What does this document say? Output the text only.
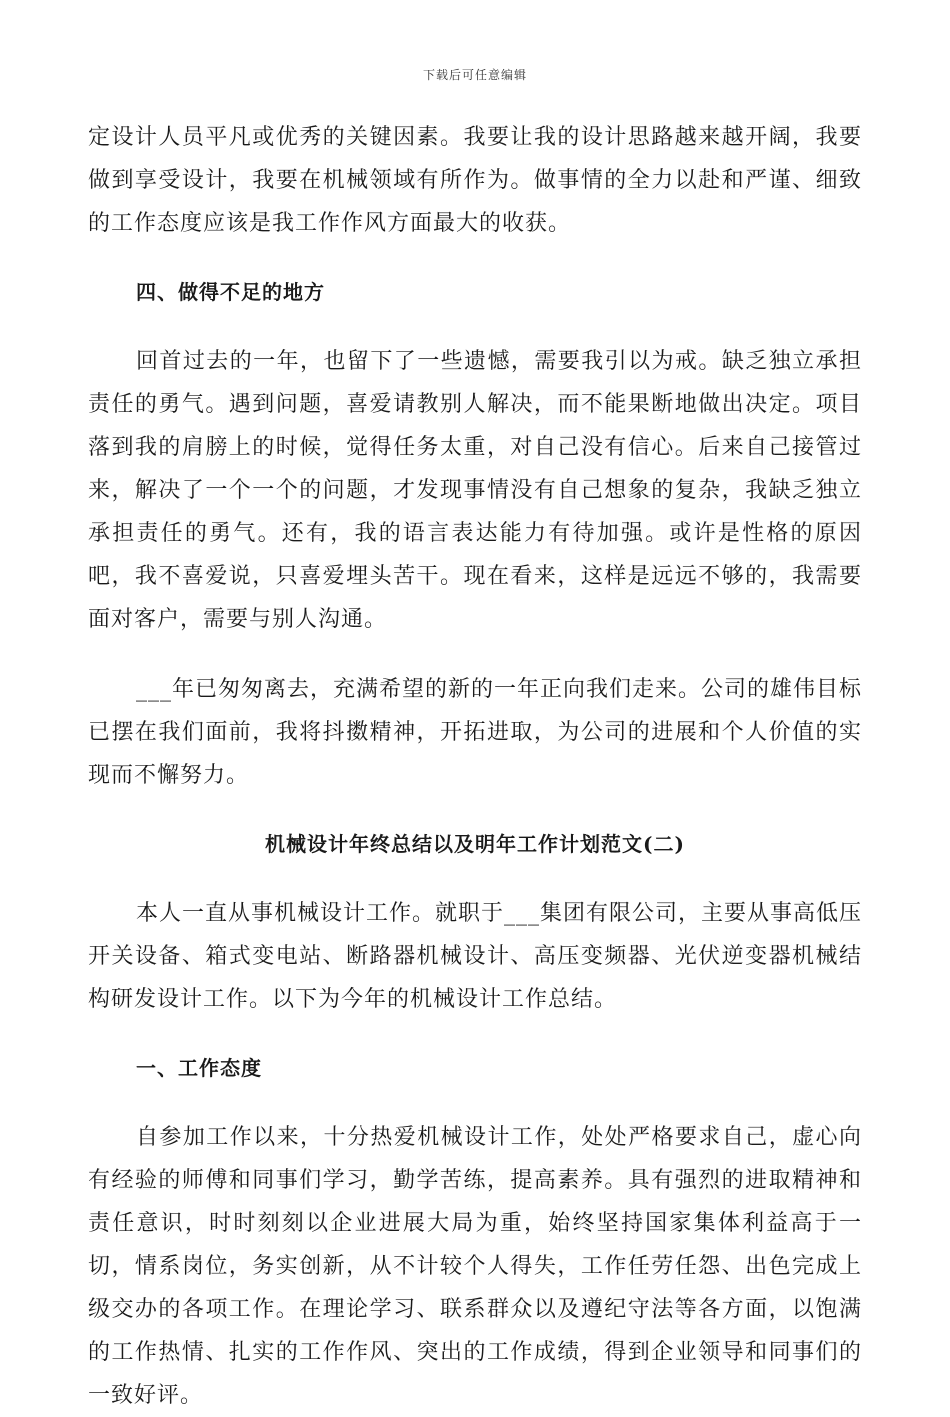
下载后可任意编辑

定设计人员平凡或优秀的关键因素。我要让我的设计思路越来越开阔，我要做到享受设计，我要在机械领域有所作为。做事情的全力以赴和严谨、细致的工作态度应该是我工作作风方面最大的收获。

四、做得不足的地方

回首过去的一年，也留下了一些遗憾，需要我引以为戒。缺乏独立承担责任的勇气。遇到问题，喜爱请教别人解决，而不能果断地做出决定。项目落到我的肩膀上的时候，觉得任务太重，对自己没有信心。后来自己接管过来，解决了一个一个的问题，才发现事情没有自己想象的复杂，我缺乏独立承担责任的勇气。还有，我的语言表达能力有待加强。或许是性格的原因吧，我不喜爱说，只喜爱埋头苦干。现在看来，这样是远远不够的，我需要面对客户，需要与别人沟通。

___年已匆匆离去，充满希望的新的一年正向我们走来。公司的雄伟目标已摆在我们面前，我将抖擞精神，开拓进取，为公司的进展和个人价值的实现而不懈努力。

机械设计年终总结以及明年工作计划范文(二)

本人一直从事机械设计工作。就职于___集团有限公司，主要从事高低压开关设备、箱式变电站、断路器机械设计、高压变频器、光伏逆变器机械结构研发设计工作。以下为今年的机械设计工作总结。

一、工作态度

自参加工作以来，十分热爱机械设计工作，处处严格要求自己，虚心向有经验的师傅和同事们学习，勤学苦练，提高素养。具有强烈的进取精神和责任意识，时时刻刻以企业进展大局为重，始终坚持国家集体利益高于一切，情系岗位，务实创新，从不计较个人得失，工作任劳任怨、出色完成上级交办的各项工作。在理论学习、联系群众以及遵纪守法等各方面，以饱满的工作热情、扎实的工作作风、突出的工作成绩，得到企业领导和同事们的一致好评。
